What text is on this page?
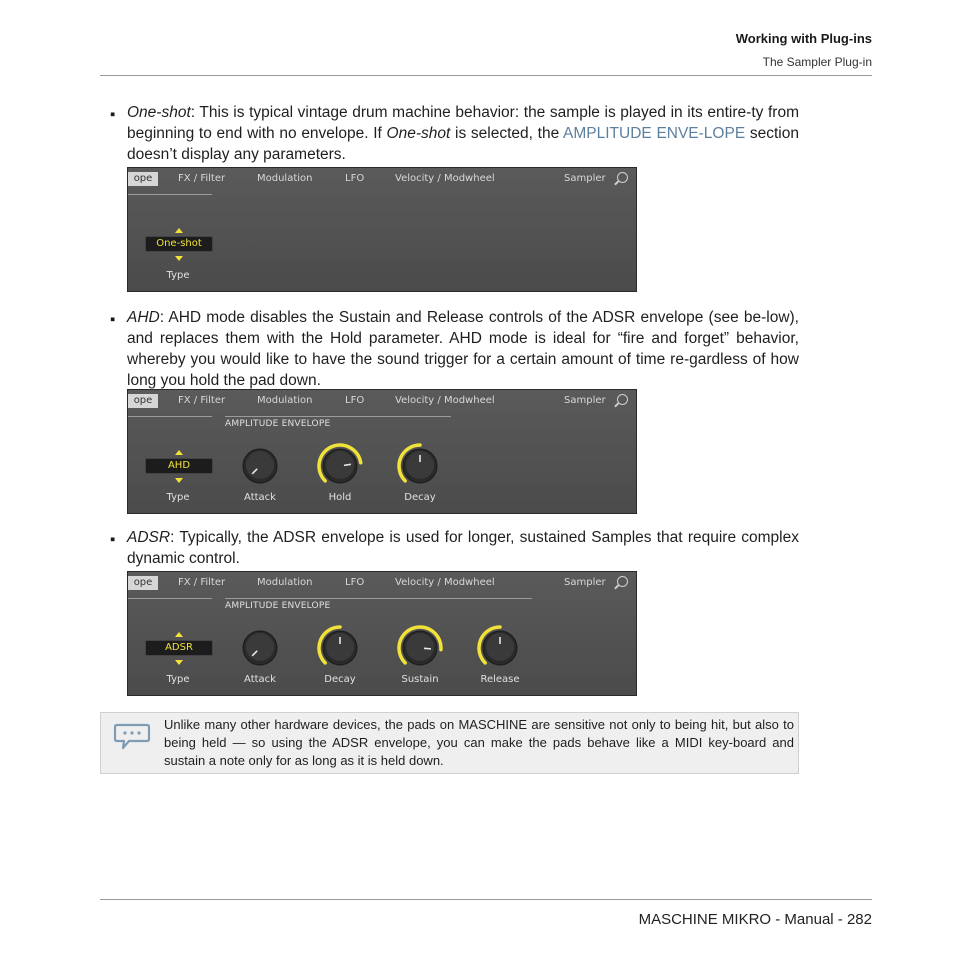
Working with Plug-ins
The Sampler Plug-in
▪ One-shot: This is typical vintage drum machine behavior: the sample is played in its entire-ty from beginning to end with no envelope. If One-shot is selected, the AMPLITUDE ENVE-LOPE section doesn’t display any parameters.
ope	FX / Filter	Modulation	LFO	Velocity / Modwheel	Sampler
One-shot
Type
▪ AHD: AHD mode disables the Sustain and Release controls of the ADSR envelope (see be-low), and replaces them with the Hold parameter. AHD mode is ideal for “fire and forget” behavior, whereby you would like to have the sound trigger for a certain amount of time re-gardless of how long you hold the pad down.
ope	FX / Filter	Modulation	LFO	Velocity / Modwheel	Sampler
AMPLITUDE ENVELOPE
AHD
Type	Attack	Hold	Decay
▪ ADSR: Typically, the ADSR envelope is used for longer, sustained Samples that require complex dynamic control.
ope	FX / Filter	Modulation	LFO	Velocity / Modwheel	Sampler
AMPLITUDE ENVELOPE
ADSR
Type	Attack	Decay	Sustain	Release
Unlike many other hardware devices, the pads on MASCHINE are sensitive not only to being hit, but also to being held — so using the ADSR envelope, you can make the pads behave like a MIDI key-board and sustain a note only for as long as it is held down.
MASCHINE MIKRO - Manual - 282
